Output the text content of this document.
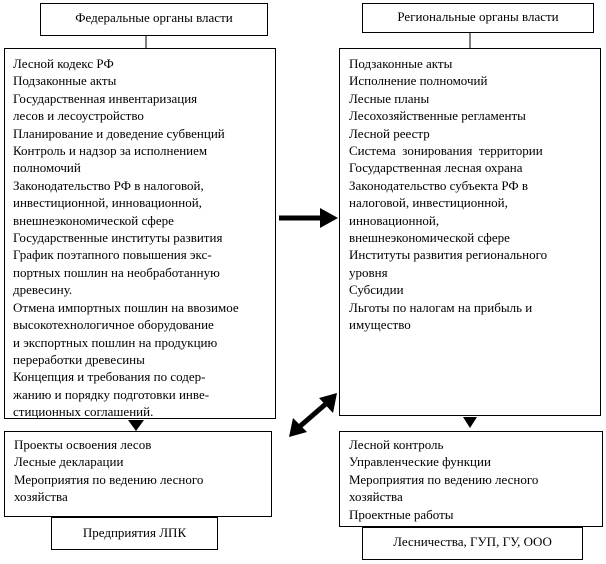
Федеральные органы власти	Региональные органы власти
Лесной кодекс РФ
Подзаконные акты
Государственная инвентаризация
лесов и лесоустройство
Планирование и доведение субвенций
Контроль и надзор за исполнением
полномочий
Законодательство РФ в налоговой,
инвестиционной, инновационной,
внешнеэкономической сфере
Государственные институты развития
График поэтапного повышения экс-
портных пошлин на необработанную
древесину.
Отмена импортных пошлин на ввозимое
высокотехнологичное оборудование
и экспортных пошлин на продукцию
переработки древесины
Концепция и требования по содер-
жанию и порядку подготовки инве-
стиционных соглашений.
Подзаконные акты
Исполнение полномочий
Лесные планы
Лесохозяйственные регламенты
Лесной реестр
Система  зонирования  территории
Государственная лесная охрана
Законодательство субъекта РФ в
налоговой, инвестиционной,
инновационной,
внешнеэкономической сфере
Институты развития регионального
уровня
Субсидии
Льготы по налогам на прибыль и
имущество
Проекты освоения лесов
Лесные декларации
Мероприятия по ведению лесного
хозяйства
Предприятия ЛПК
Лесной контроль
Управленческие функции
Мероприятия по ведению лесного
хозяйства
Проектные работы
Лесничества, ГУП, ГУ, ООО
